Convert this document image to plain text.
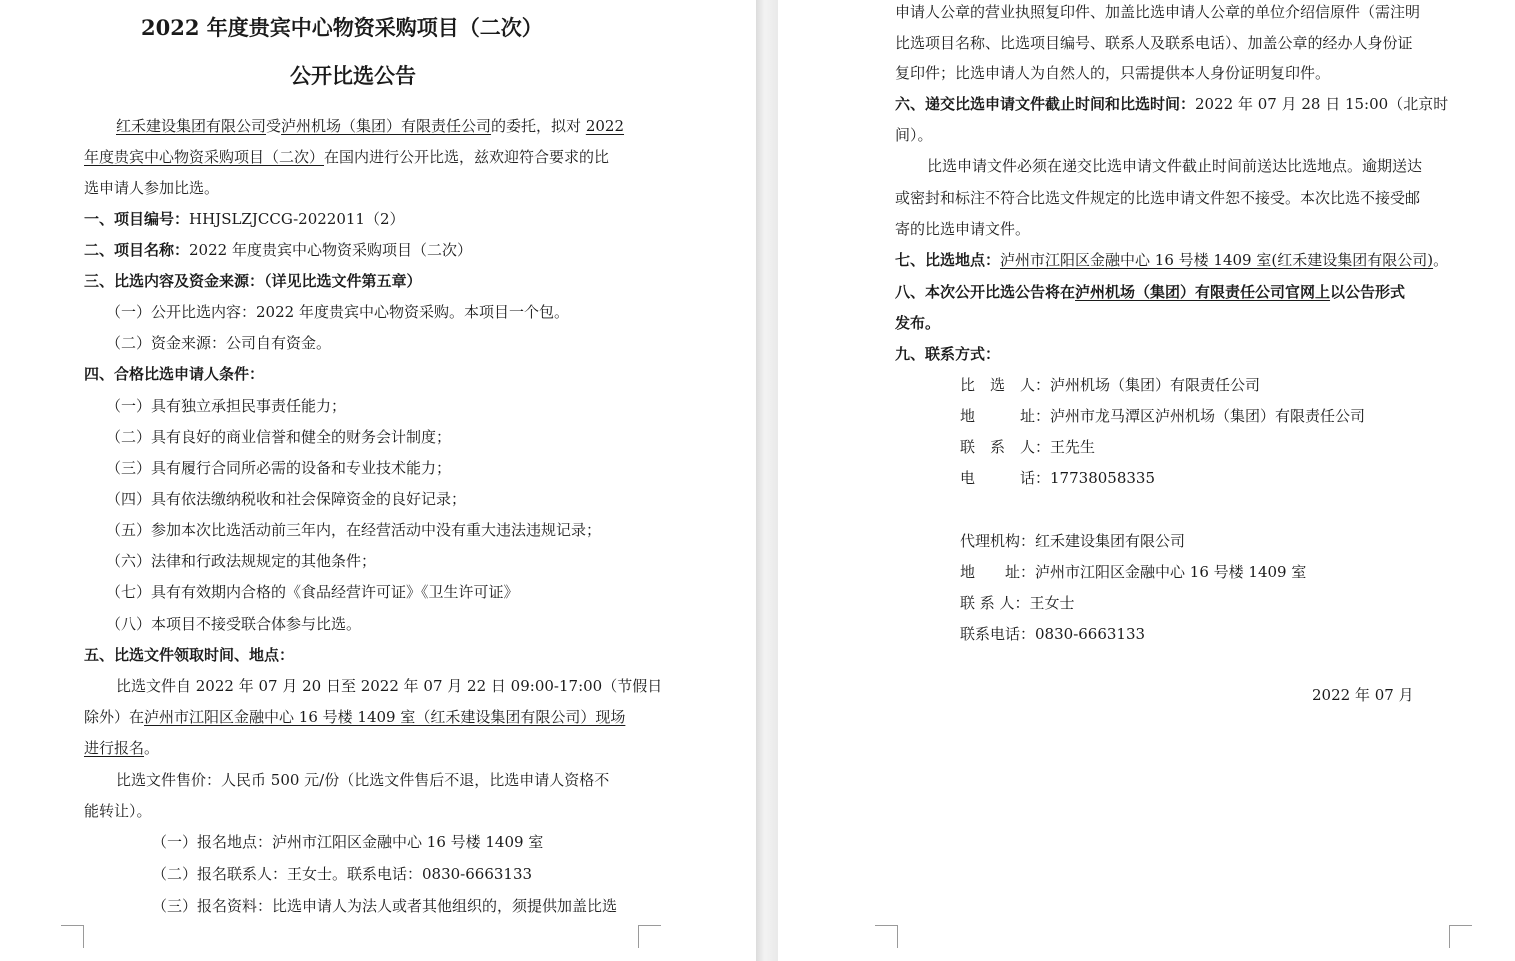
2022 年度贵宾中心物资采购项目（二次）
公开比选公告
红禾建设集团有限公司受泸州机场（集团）有限责任公司的委托，拟对 2022
年度贵宾中心物资采购项目（二次）在国内进行公开比选，兹欢迎符合要求的比
选申请人参加比选。
一、项目编号：HHJSLZJCCG-2022011（2）
二、项目名称：2022 年度贵宾中心物资采购项目（二次）
三、比选内容及资金来源：（详见比选文件第五章）
（一）公开比选内容：2022 年度贵宾中心物资采购。本项目一个包。
（二）资金来源：公司自有资金。
四、合格比选申请人条件：
（一）具有独立承担民事责任能力；
（二）具有良好的商业信誉和健全的财务会计制度；
（三）具有履行合同所必需的设备和专业技术能力；
（四）具有依法缴纳税收和社会保障资金的良好记录；
（五）参加本次比选活动前三年内，在经营活动中没有重大违法违规记录；
（六）法律和行政法规规定的其他条件；
（七）具有有效期内合格的《食品经营许可证》《卫生许可证》
（八）本项目不接受联合体参与比选。
五、比选文件领取时间、地点：
比选文件自 2022 年 07 月 20 日至 2022 年 07 月 22 日 09:00-17:00（节假日
除外）在泸州市江阳区金融中心 16 号楼 1409 室（红禾建设集团有限公司）现场
进行报名。
比选文件售价：人民币 500 元/份（比选文件售后不退，比选申请人资格不
能转让）。
（一）报名地点：泸州市江阳区金融中心 16 号楼 1409 室
（二）报名联系人：王女士。联系电话：0830-6663133
（三）报名资料：比选申请人为法人或者其他组织的，须提供加盖比选
申请人公章的营业执照复印件、加盖比选申请人公章的单位介绍信原件（需注明
比选项目名称、比选项目编号、联系人及联系电话）、加盖公章的经办人身份证
复印件；比选申请人为自然人的，只需提供本人身份证明复印件。
六、递交比选申请文件截止时间和比选时间：2022 年 07 月 28 日 15:00（北京时
间）。
比选申请文件必须在递交比选申请文件截止时间前送达比选地点。逾期送达
或密封和标注不符合比选文件规定的比选申请文件恕不接受。本次比选不接受邮
寄的比选申请文件。
七、比选地点：泸州市江阳区金融中心 16 号楼 1409 室(红禾建设集团有限公司)。
八、本次公开比选公告将在泸州机场（集团）有限责任公司官网上以公告形式
发布。
九、联系方式：
比　选　人：泸州机场（集团）有限责任公司
地　　　址：泸州市龙马潭区泸州机场（集团）有限责任公司
联　系　人：王先生
电　　　话：17738058335
代理机构：红禾建设集团有限公司
地　　址：泸州市江阳区金融中心 16 号楼 1409 室
联 系 人：王女士
联系电话：0830-6663133
2022 年 07 月
